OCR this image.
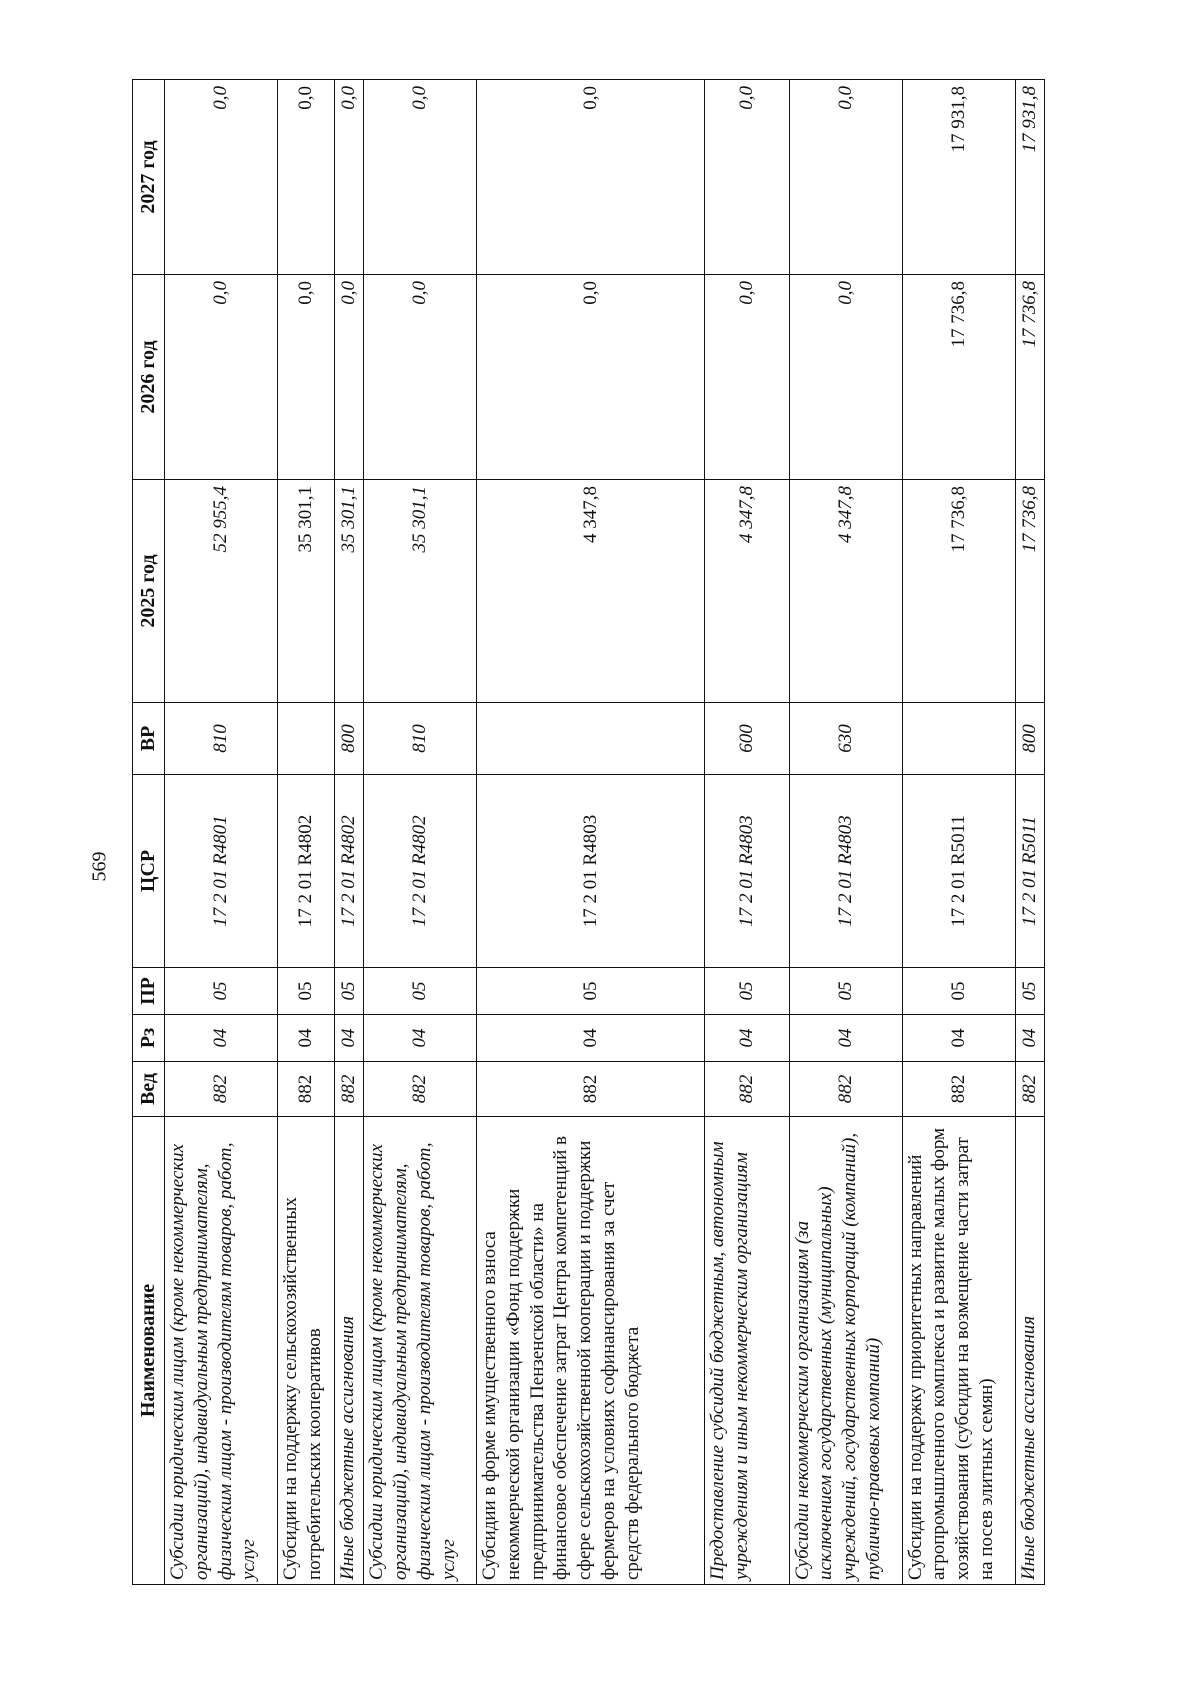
569
Наименование	Вед	Рз	ПР	ЦСР	ВР	2025 год	2026 год	2027 год
Субсидии юридическим лицам (кроме некоммерческих организаций), индивидуальным предпринимателям, физическим лицам - производителям товаров, работ, услуг	882	04	05	17 2 01 R4801	810	52 955,4	0,0	0,0
Субсидии на поддержку сельскохозяйственных потребительских кооперативов	882	04	05	17 2 01 R4802		35 301,1	0,0	0,0
Иные бюджетные ассигнования	882	04	05	17 2 01 R4802	800	35 301,1	0,0	0,0
Субсидии юридическим лицам (кроме некоммерческих организаций), индивидуальным предпринимателям, физическим лицам - производителям товаров, работ, услуг	882	04	05	17 2 01 R4802	810	35 301,1	0,0	0,0
Субсидии в форме имущественного взноса некоммерческой организации «Фонд поддержки предпринимательства Пензенской области» на финансовое обеспечение затрат Центра компетенций в сфере сельскохозяйственной кооперации и поддержки фермеров на условиях софинансирования за счет средств федерального бюджета	882	04	05	17 2 01 R4803		4 347,8	0,0	0,0
Предоставление субсидий бюджетным, автономным учреждениям и иным некоммерческим организациям	882	04	05	17 2 01 R4803	600	4 347,8	0,0	0,0
Субсидии некоммерческим организациям (за исключением государственных (муниципальных) учреждений, государственных корпораций (компаний), публично-правовых компаний)	882	04	05	17 2 01 R4803	630	4 347,8	0,0	0,0
Субсидии на поддержку приоритетных направлений агропромышленного комплекса и развитие малых форм хозяйствования (субсидии на возмещение части затрат на посев элитных семян)	882	04	05	17 2 01 R5011		17 736,8	17 736,8	17 931,8
Иные бюджетные ассигнования	882	04	05	17 2 01 R5011	800	17 736,8	17 736,8	17 931,8
